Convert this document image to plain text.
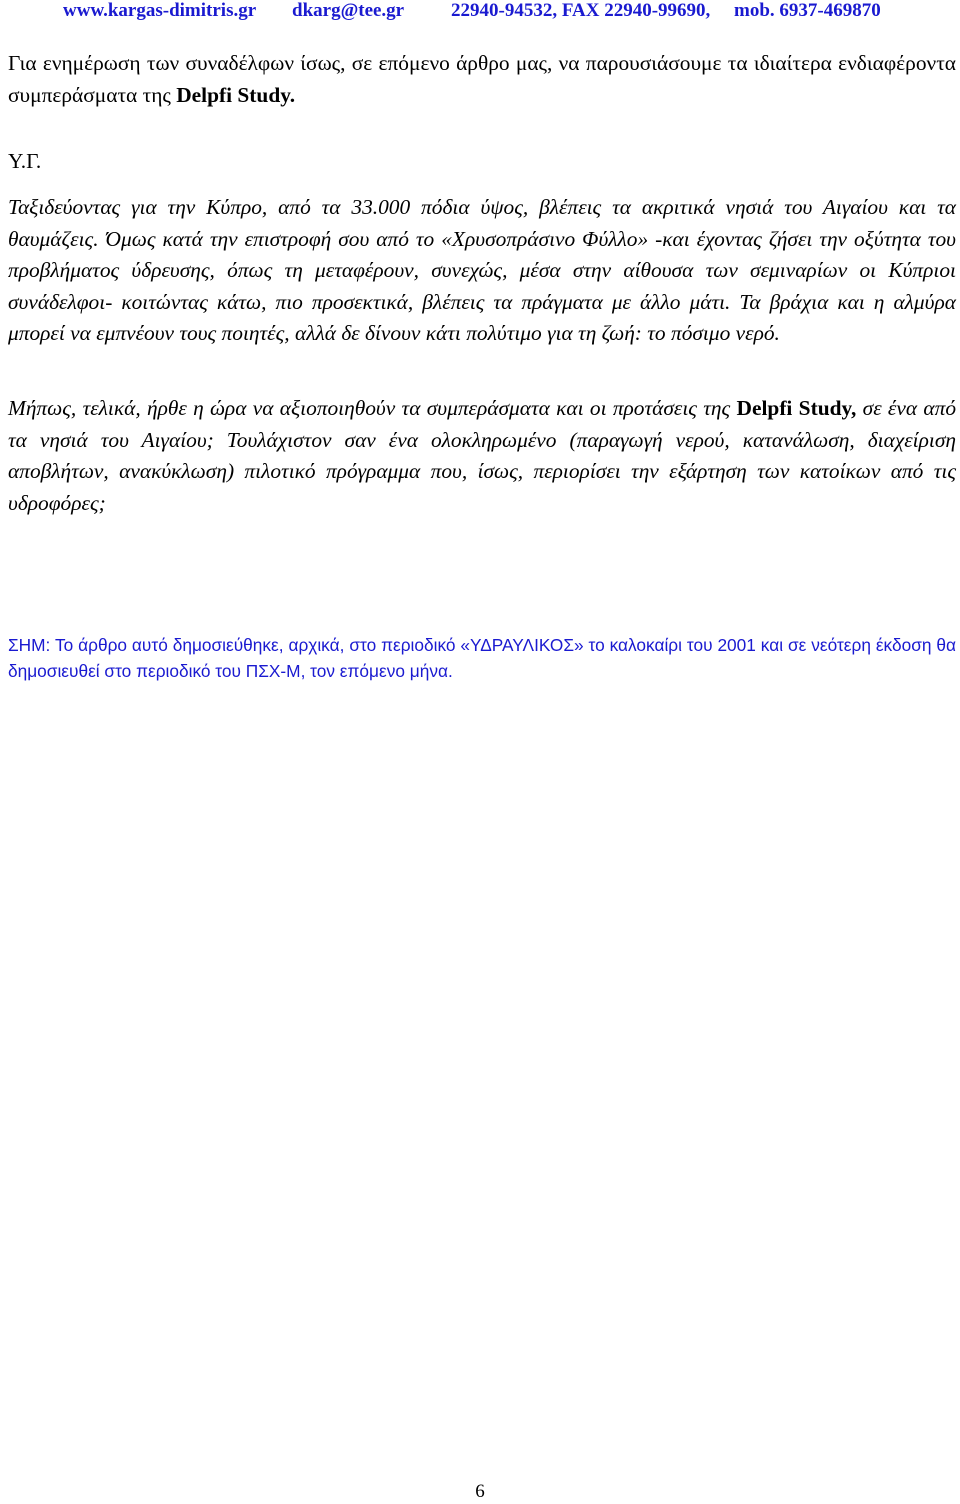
www.kargas-dimitris.gr dkarg@tee.gr 22940-94532, FAX 22940-99690, mob. 6937-469870

Για ενημέρωση των συναδέλφων ίσως, σε επόμενο άρθρο μας, να παρουσιάσουμε τα ιδιαίτερα ενδιαφέροντα συμπεράσματα της Delpfi Study.

Υ.Γ.

Ταξιδεύοντας για την Κύπρο, από τα 33.000 πόδια ύψος, βλέπεις τα ακριτικά νησιά του Αιγαίου και τα θαυμάζεις. Όμως κατά την επιστροφή σου από το «Χρυσοπράσινο Φύλλο» -και έχοντας ζήσει την οξύτητα του προβλήματος ύδρευσης, όπως τη μεταφέρουν, συνεχώς, μέσα στην αίθουσα των σεμιναρίων οι Κύπριοι συνάδελφοι- κοιτώντας κάτω, πιο προσεκτικά, βλέπεις τα πράγματα με άλλο μάτι. Τα βράχια και η αλμύρα μπορεί να εμπνέουν τους ποιητές, αλλά δε δίνουν κάτι πολύτιμο για τη ζωή: το πόσιμο νερό.

Μήπως, τελικά, ήρθε η ώρα να αξιοποιηθούν τα συμπεράσματα και οι προτάσεις της Delpfi Study, σε ένα από τα νησιά του Αιγαίου; Τουλάχιστον σαν ένα ολοκληρωμένο (παραγωγή νερού, κατανάλωση, διαχείριση αποβλήτων, ανακύκλωση) πιλοτικό πρόγραμμα που, ίσως, περιορίσει την εξάρτηση των κατοίκων από τις υδροφόρες;

ΣΗΜ: Το άρθρο αυτό δημοσιεύθηκε, αρχικά, στο περιοδικό «ΥΔΡΑΥΛΙΚΟΣ» το καλοκαίρι του 2001 και σε νεότερη έκδοση θα δημοσιευθεί στο περιοδικό του ΠΣΧ-Μ, τον επόμενο μήνα.

6
